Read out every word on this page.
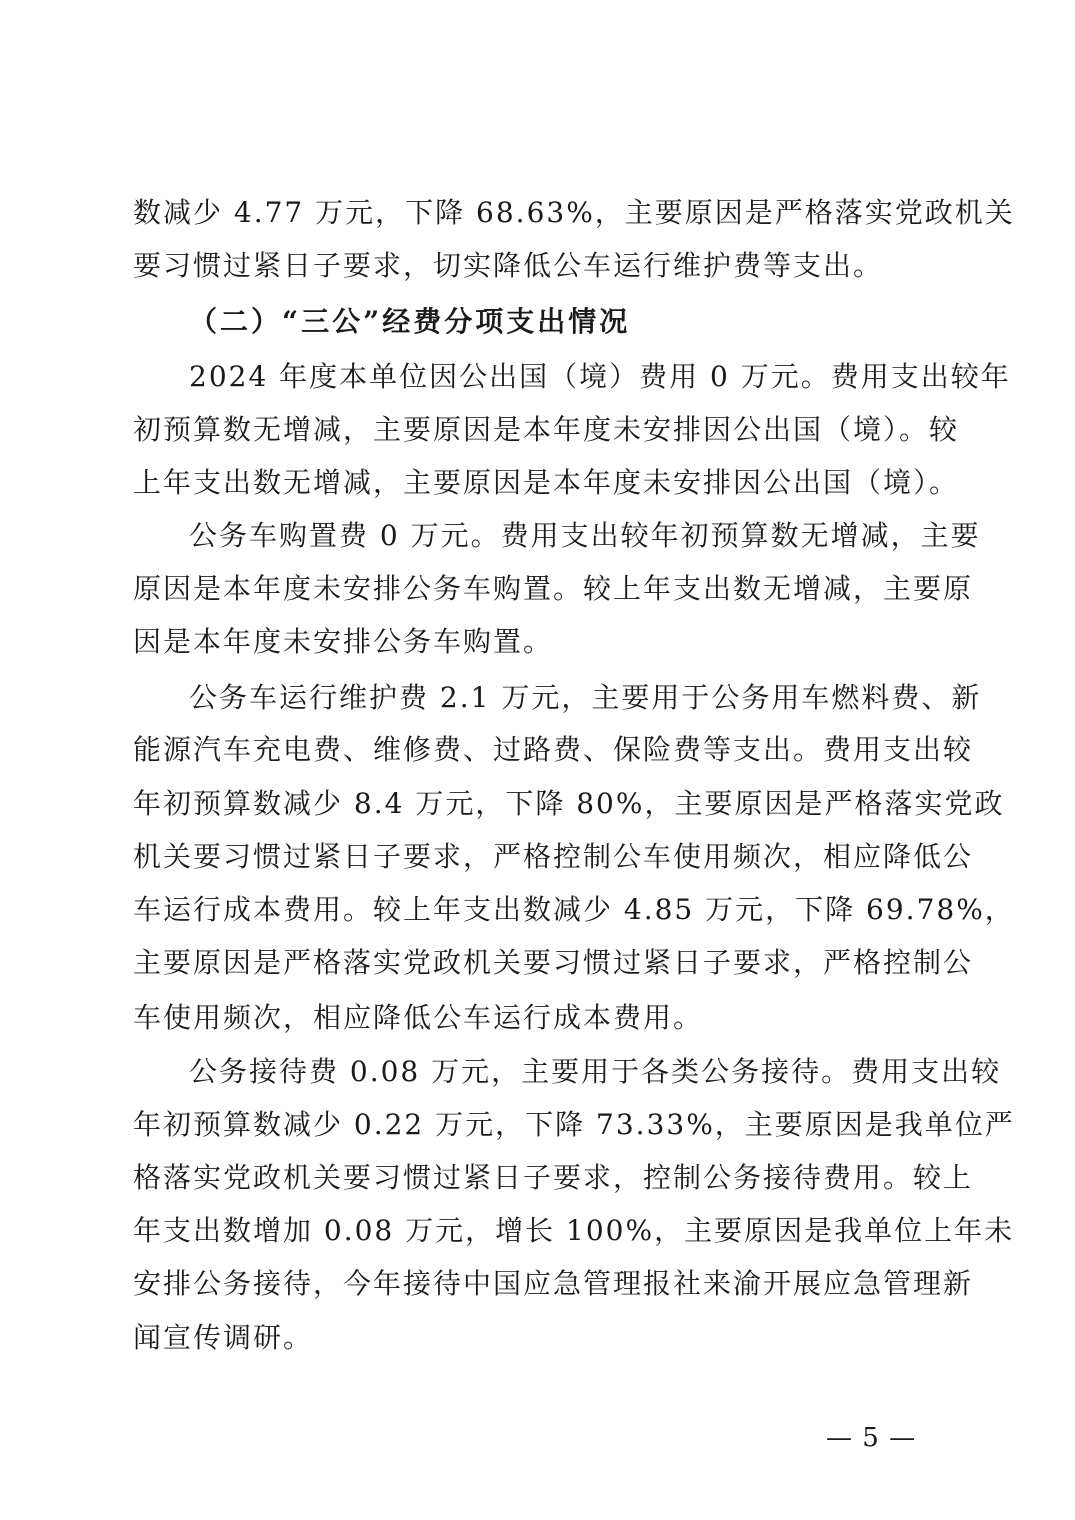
数减少 4.77 万元，下降 68.63%，主要原因是严格落实党政机关
要习惯过紧日子要求，切实降低公车运行维护费等支出。
（二）“三公”经费分项支出情况
2024 年度本单位因公出国（境）费用 0 万元。费用支出较年
初预算数无增减，主要原因是本年度未安排因公出国（境）。较
上年支出数无增减，主要原因是本年度未安排因公出国（境）。
公务车购置费 0 万元。费用支出较年初预算数无增减，主要
原因是本年度未安排公务车购置。较上年支出数无增减，主要原
因是本年度未安排公务车购置。
公务车运行维护费 2.1 万元，主要用于公务用车燃料费、新
能源汽车充电费、维修费、过路费、保险费等支出。费用支出较
年初预算数减少 8.4 万元，下降 80%，主要原因是严格落实党政
机关要习惯过紧日子要求，严格控制公车使用频次，相应降低公
车运行成本费用。较上年支出数减少 4.85 万元，下降 69.78%，
主要原因是严格落实党政机关要习惯过紧日子要求，严格控制公
车使用频次，相应降低公车运行成本费用。
公务接待费 0.08 万元，主要用于各类公务接待。费用支出较
年初预算数减少 0.22 万元，下降 73.33%，主要原因是我单位严
格落实党政机关要习惯过紧日子要求，控制公务接待费用。较上
年支出数增加 0.08 万元，增长 100%，主要原因是我单位上年未
安排公务接待，今年接待中国应急管理报社来渝开展应急管理新
闻宣传调研。
— 5 —
